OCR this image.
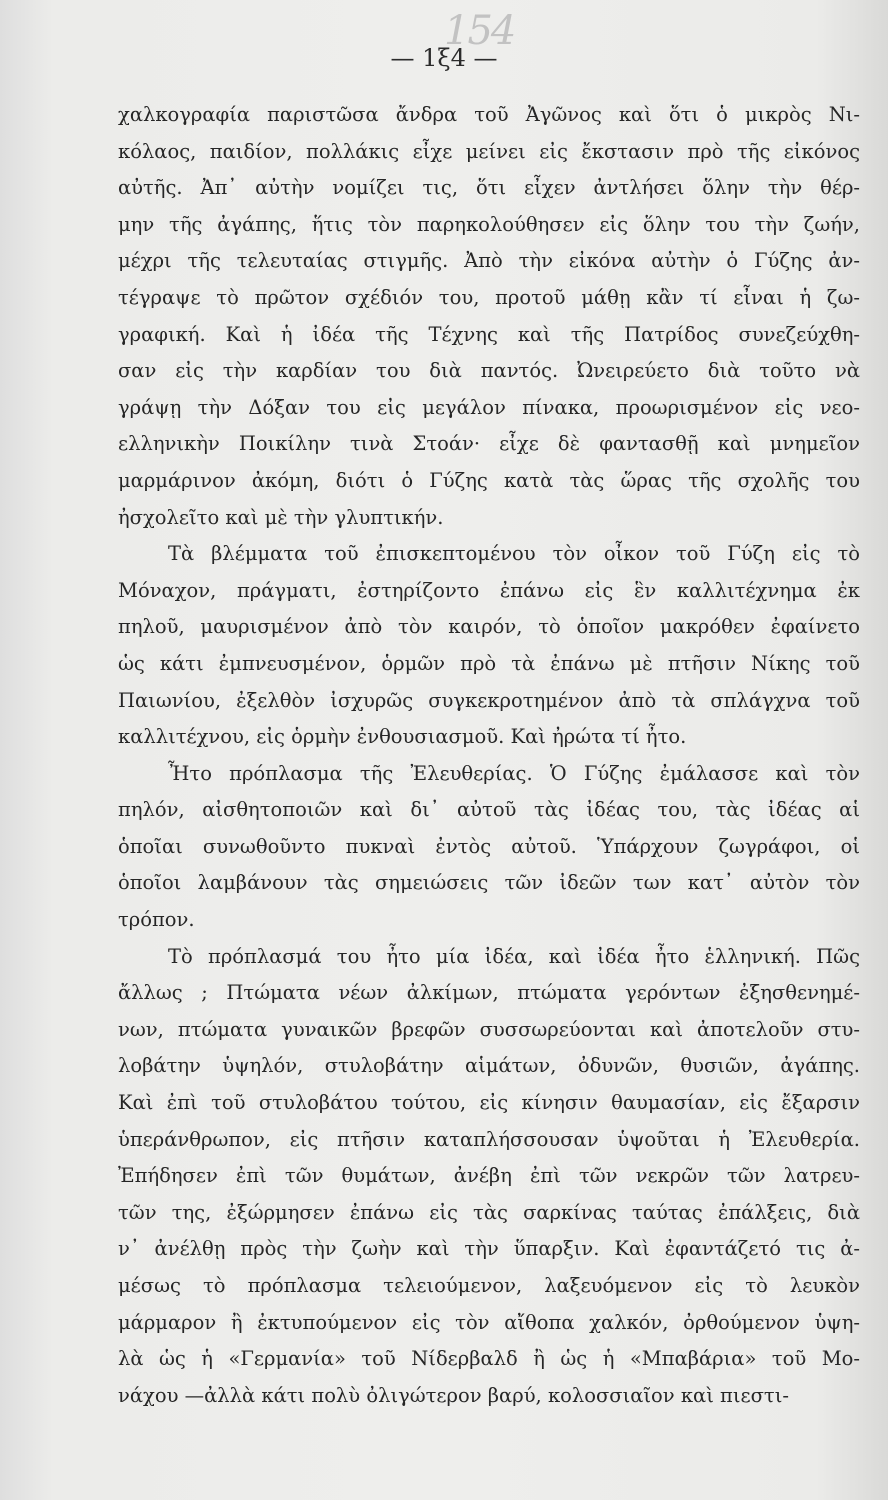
154
— 1ξ4 —
χαλκογραφία παριστῶσα ἄνδρα τοῦ Ἀγῶνος καὶ ὅτι ὁ μικρὸς Νι-
κόλαος, παιδίον, πολλάκις εἶχε μείνει εἰς ἔκστασιν πρὸ τῆς εἰκόνος
αὐτῆς. Ἀπ᾽ αὐτὴν νομίζει τις, ὅτι εἶχεν ἀντλήσει ὅλην τὴν θέρ-
μην τῆς ἀγάπης, ἥτις τὸν παρηκολούθησεν εἰς ὅλην του τὴν ζωήν,
μέχρι τῆς τελευταίας στιγμῆς. Ἀπὸ τὴν εἰκόνα αὐτὴν ὁ Γύζης ἀν-
τέγραψε τὸ πρῶτον σχέδιόν του, προτοῦ μάθῃ κἂν τί εἶναι ἡ ζω-
γραφική. Καὶ ἡ ἰδέα τῆς Τέχνης καὶ τῆς Πατρίδος συνεζεύχθη-
σαν εἰς τὴν καρδίαν του διὰ παντός. Ὠνειρεύετο διὰ τοῦτο νὰ
γράψῃ τὴν Δόξαν του εἰς μεγάλον πίνακα, προωρισμένον εἰς νεο-
ελληνικὴν Ποικίλην τινὰ Στοάν· εἶχε δὲ φαντασθῇ καὶ μνημεῖον
μαρμάρινον ἀκόμη, διότι ὁ Γύζης κατὰ τὰς ὥρας τῆς σχολῆς του
ἠσχολεῖτο καὶ μὲ τὴν γλυπτικήν.
Τὰ βλέμματα τοῦ ἐπισκεπτομένου τὸν οἶκον τοῦ Γύζη εἰς τὸ
Μόναχον, πράγματι, ἐστηρίζοντο ἐπάνω εἰς ἓν καλλιτέχνημα ἐκ
πηλοῦ, μαυρισμένον ἀπὸ τὸν καιρόν, τὸ ὁποῖον μακρόθεν ἐφαίνετο
ὡς κάτι ἐμπνευσμένον, ὁρμῶν πρὸ τὰ ἐπάνω μὲ πτῆσιν Νίκης τοῦ
Παιωνίου, ἐξελθὸν ἰσχυρῶς συγκεκροτημένον ἀπὸ τὰ σπλάγχνα τοῦ
καλλιτέχνου, εἰς ὁρμὴν ἐνθουσιασμοῦ. Καὶ ἠρώτα τί ἦτο.
Ἦτο πρόπλασμα τῆς Ἐλευθερίας. Ὁ Γύζης ἐμάλασσε καὶ τὸν
πηλόν, αἰσθητοποιῶν καὶ δι᾽ αὐτοῦ τὰς ἰδέας του, τὰς ἰδέας αἱ
ὁποῖαι συνωθοῦντο πυκναὶ ἐντὸς αὐτοῦ. Ὑπάρχουν ζωγράφοι, οἱ
ὁποῖοι λαμβάνουν τὰς σημειώσεις τῶν ἰδεῶν των κατ᾽ αὐτὸν τὸν
τρόπον.
Τὸ πρόπλασμά του ἦτο μία ἰδέα, καὶ ἰδέα ἦτο ἑλληνική. Πῶς
ἄλλως ; Πτώματα νέων ἀλκίμων, πτώματα γερόντων ἐξησθενημέ-
νων, πτώματα γυναικῶν βρεφῶν συσσωρεύονται καὶ ἀποτελοῦν στυ-
λοβάτην ὑψηλόν, στυλοβάτην αἱμάτων, ὀδυνῶν, θυσιῶν, ἀγάπης.
Καὶ ἐπὶ τοῦ στυλοβάτου τούτου, εἰς κίνησιν θαυμασίαν, εἰς ἔξαρσιν
ὑπεράνθρωπον, εἰς πτῆσιν καταπλήσσουσαν ὑψοῦται ἡ Ἐλευθερία.
Ἐπήδησεν ἐπὶ τῶν θυμάτων, ἀνέβη ἐπὶ τῶν νεκρῶν τῶν λατρευ-
τῶν της, ἐξώρμησεν ἐπάνω εἰς τὰς σαρκίνας ταύτας ἐπάλξεις, διὰ
ν᾽ ἀνέλθῃ πρὸς τὴν ζωὴν καὶ τὴν ὕπαρξιν. Καὶ ἐφαντάζετό τις ἀ-
μέσως τὸ πρόπλασμα τελειούμενον, λαξευόμενον εἰς τὸ λευκὸν
μάρμαρον ἢ ἐκτυπούμενον εἰς τὸν αἴθοπα χαλκόν, ὀρθούμενον ὑψη-
λὰ ὡς ἡ «Γερμανία» τοῦ Νίδερβαλδ ἢ ὡς ἡ «Μπαβάρια» τοῦ Μο-
νάχου —ἀλλὰ κάτι πολὺ ὀλιγώτερον βαρύ, κολοσσιαῖον καὶ πιεστι-
